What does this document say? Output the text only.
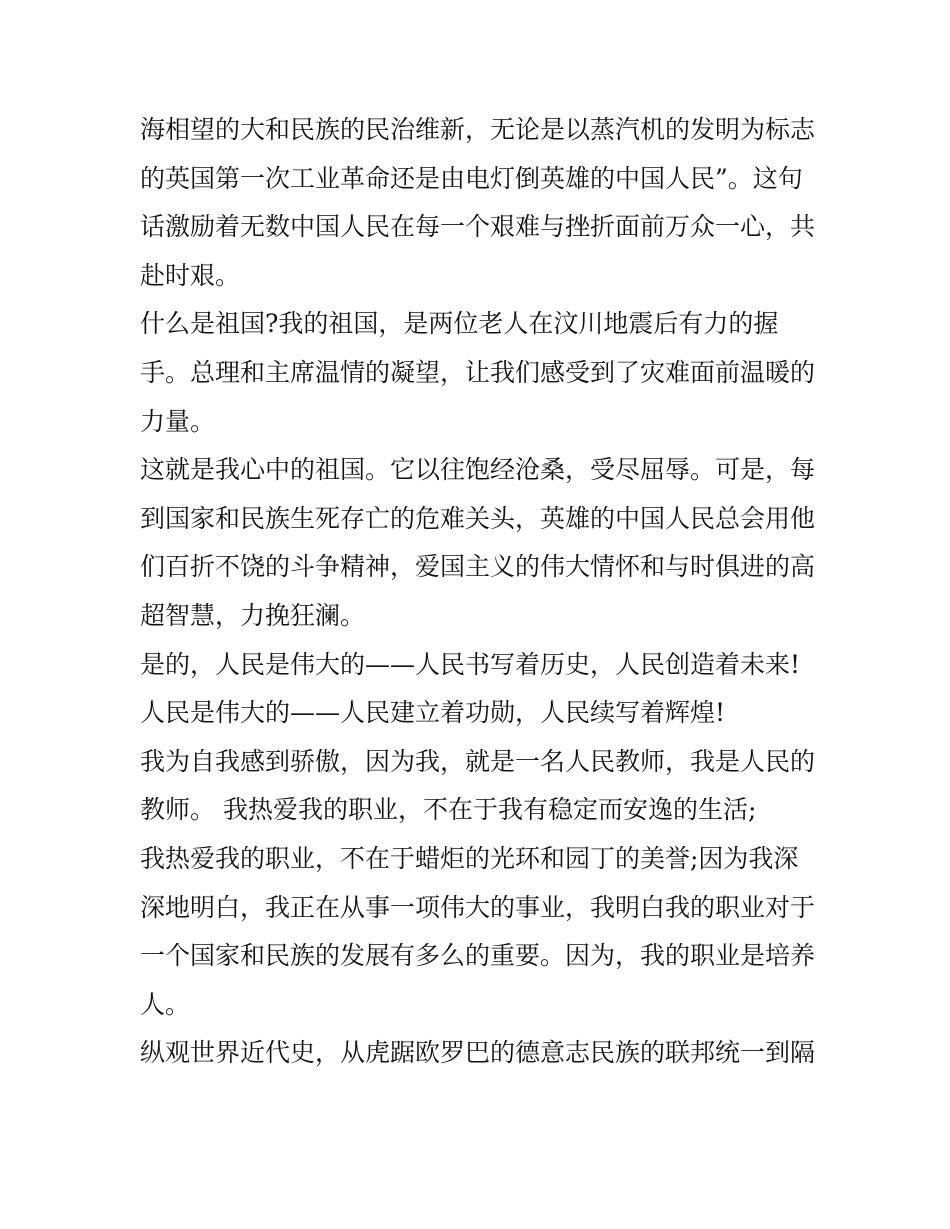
海相望的大和民族的民治维新，无论是以蒸汽机的发明为标志
的英国第一次工业革命还是由电灯倒英雄的中国人民”。这句
话激励着无数中国人民在每一个艰难与挫折面前万众一心，共
赴时艰。
什么是祖国?我的祖国，是两位老人在汶川地震后有力的握
手。总理和主席温情的凝望，让我们感受到了灾难面前温暖的
力量。
这就是我心中的祖国。它以往饱经沧桑，受尽屈辱。可是，每
到国家和民族生死存亡的危难关头，英雄的中国人民总会用他
们百折不饶的斗争精神，爱国主义的伟大情怀和与时俱进的高
超智慧，力挽狂澜。
是的，人民是伟大的——人民书写着历史，人民创造着未来!
人民是伟大的——人民建立着功勋，人民续写着辉煌!
我为自我感到骄傲，因为我，就是一名人民教师，我是人民的
教师。 我热爱我的职业，不在于我有稳定而安逸的生活;
我热爱我的职业，不在于蜡炬的光环和园丁的美誉;因为我深
深地明白，我正在从事一项伟大的事业，我明白我的职业对于
一个国家和民族的发展有多么的重要。因为，我的职业是培养
人。
纵观世界近代史，从虎踞欧罗巴的德意志民族的联邦统一到隔
